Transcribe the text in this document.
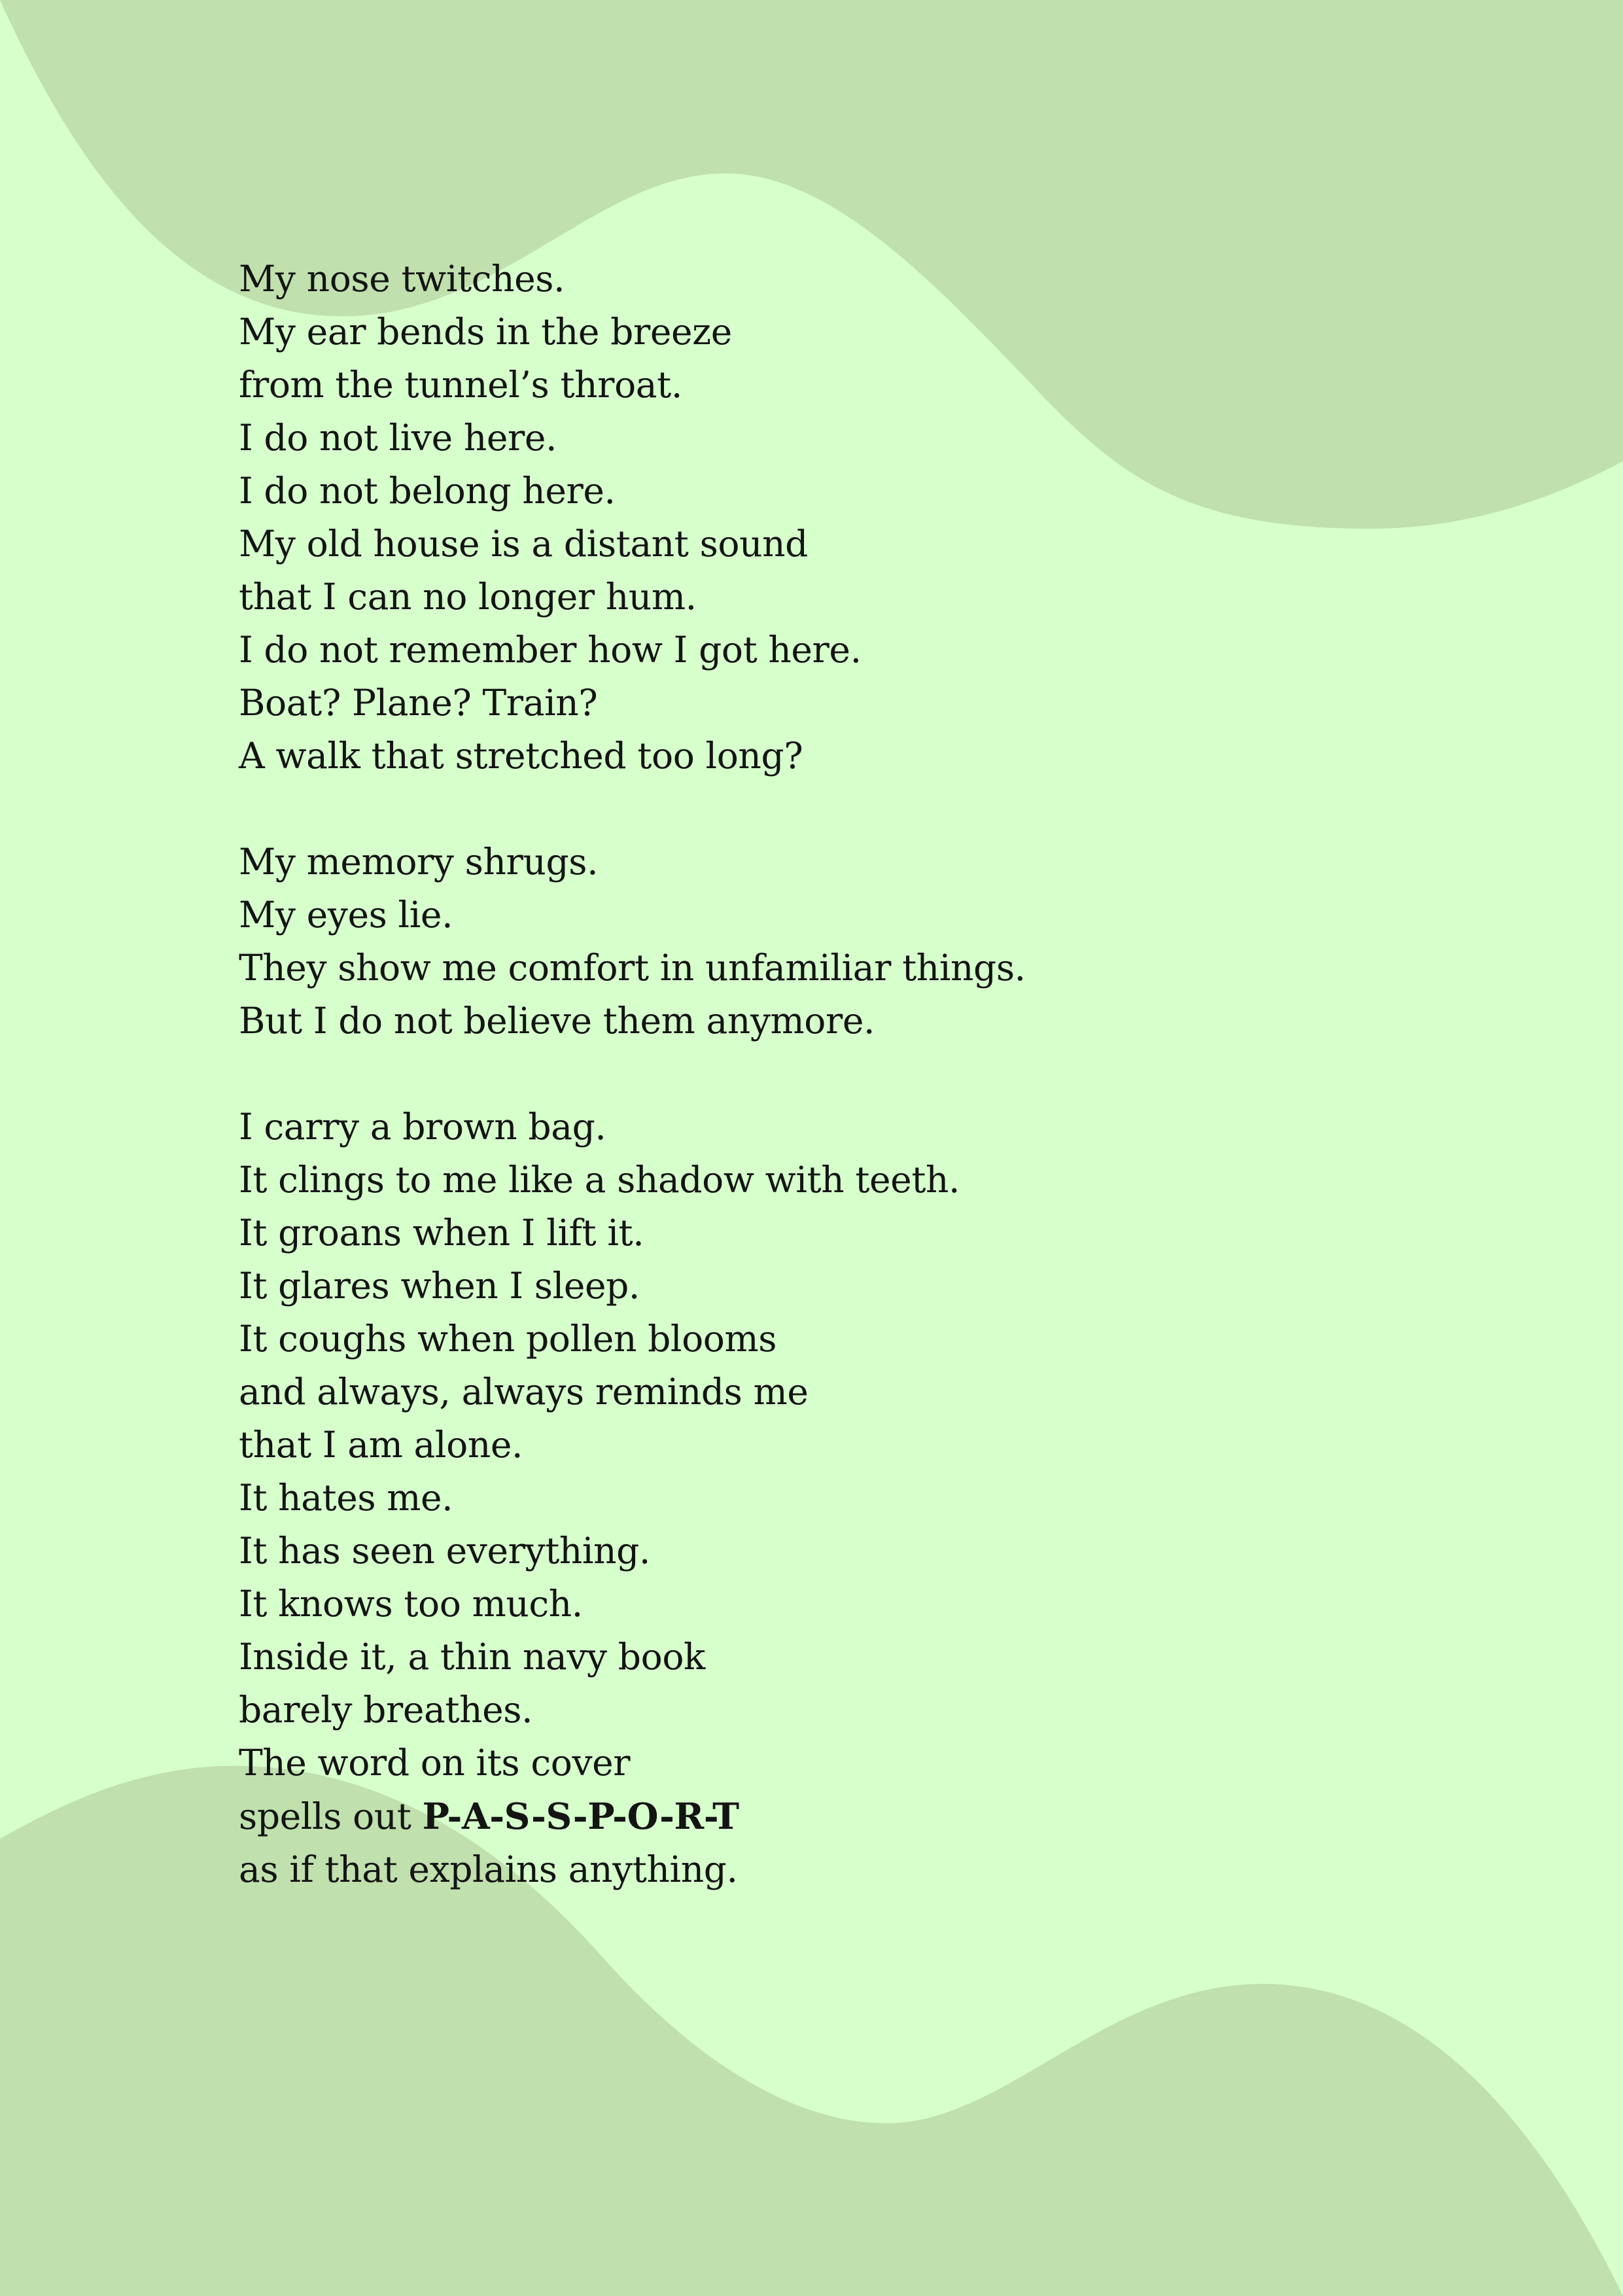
My nose twitches.
My ear bends in the breeze
from the tunnel’s throat.
I do not live here.
I do not belong here.
My old house is a distant sound
that I can no longer hum.
I do not remember how I got here.
Boat? Plane? Train?
A walk that stretched too long?
My memory shrugs.
My eyes lie.
They show me comfort in unfamiliar things.
But I do not believe them anymore.
I carry a brown bag.
It clings to me like a shadow with teeth.
It groans when I lift it.
It glares when I sleep.
It coughs when pollen blooms
and always, always reminds me
that I am alone.
It hates me.
It has seen everything.
It knows too much.
Inside it, a thin navy book
barely breathes.
The word on its cover
spells out P-A-S-S-P-O-R-T
as if that explains anything.
